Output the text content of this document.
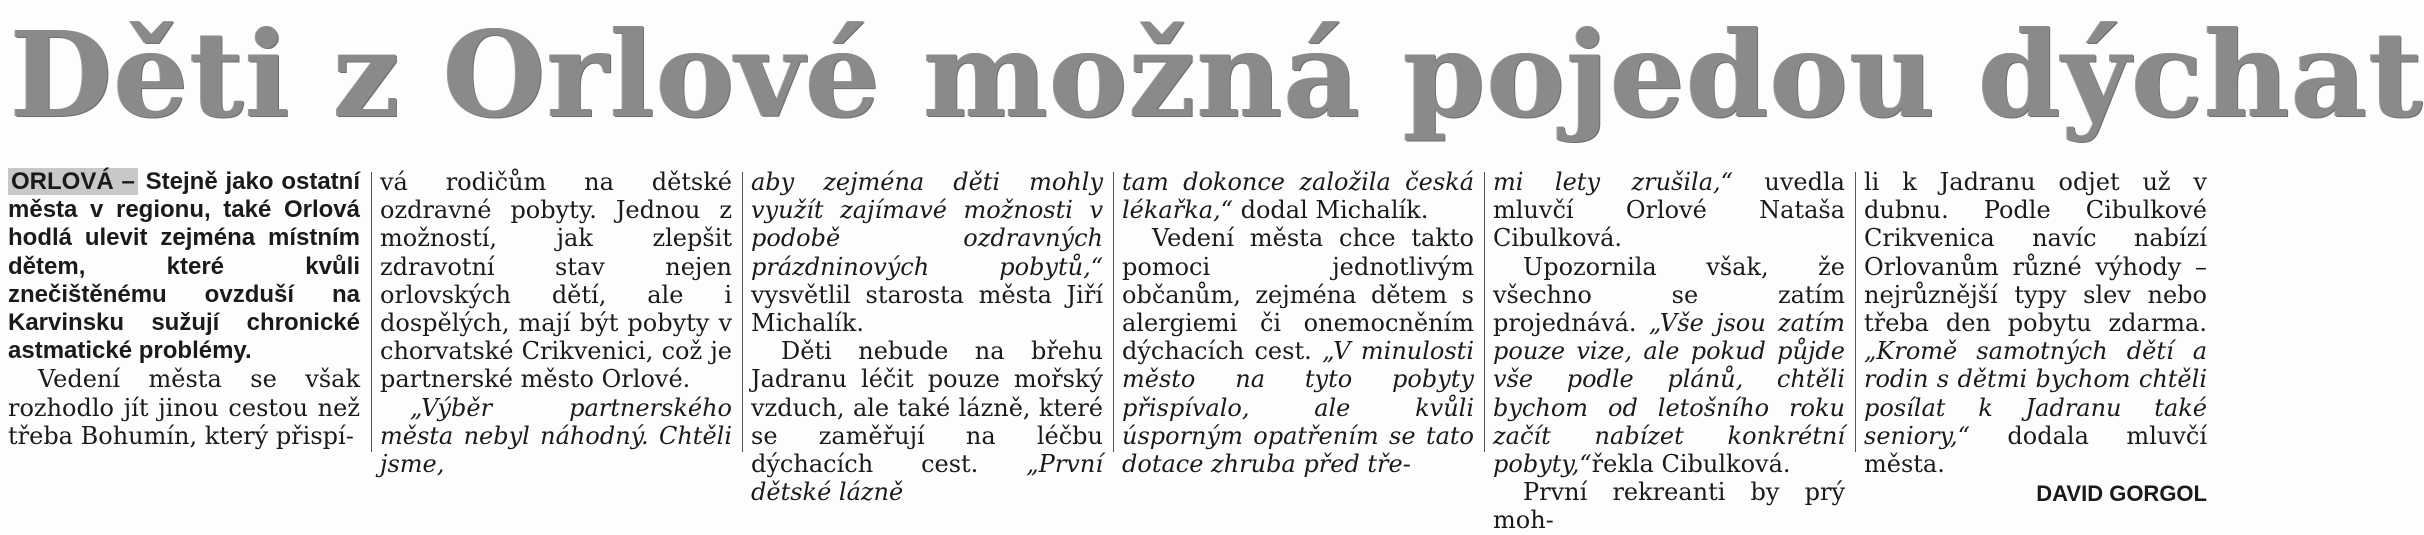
Děti z Orlové možná pojedou dýchat
ORLOVÁ – Stejně jako ostatní města v regionu, také Orlová hodlá ulevit zejména místním dětem, které kvůli znečištěnému ovzduší na Karvinsku sužují chronické astmatické problémy.
Vedení města se však rozhodlo jít jinou cestou než třeba Bohumín, který přispí-
vá rodičům na dětské ozdravné pobyty. Jednou z možností, jak zlepšit zdravotní stav nejen orlovských dětí, ale i dospělých, mají být pobyty v chorvatské Crikvenici, což je partnerské město Orlové.
„Výběr partnerského města nebyl náhodný. Chtěli jsme,
aby zejména děti mohly využít zajímavé možnosti v podobě ozdravných prázdninových pobytů,“ vysvětlil starosta města Jiří Michalík.
Děti nebude na břehu Jadranu léčit pouze mořský vzduch, ale také lázně, které se zaměřují na léčbu dýchacích cest. „První dětské lázně
tam dokonce založila česká lékařka,“ dodal Michalík.
Vedení města chce takto pomoci jednotlivým občanům, zejména dětem s alergiemi či onemocněním dýchacích cest. „V minulosti město na tyto pobyty přispívalo, ale kvůli úsporným opatřením se tato dotace zhruba před tře-
mi lety zrušila,“ uvedla mluvčí Orlové Nataša Cibulková.
Upozornila však, že všechno se zatím projednává. „Vše jsou zatím pouze vize, ale pokud půjde vše podle plánů, chtěli bychom od letošního roku začít nabízet konkrétní pobyty,“řekla Cibulková.
První rekreanti by prý moh-
li k Jadranu odjet už v dubnu. Podle Cibulkové Crikvenica navíc nabízí Orlovanům různé výhody – nejrůznější typy slev nebo třeba den pobytu zdarma. „Kromě samotných dětí a rodin s dětmi bychom chtěli posílat k Jadranu také seniory,“ dodala mluvčí města.
DAVID GORGOL
